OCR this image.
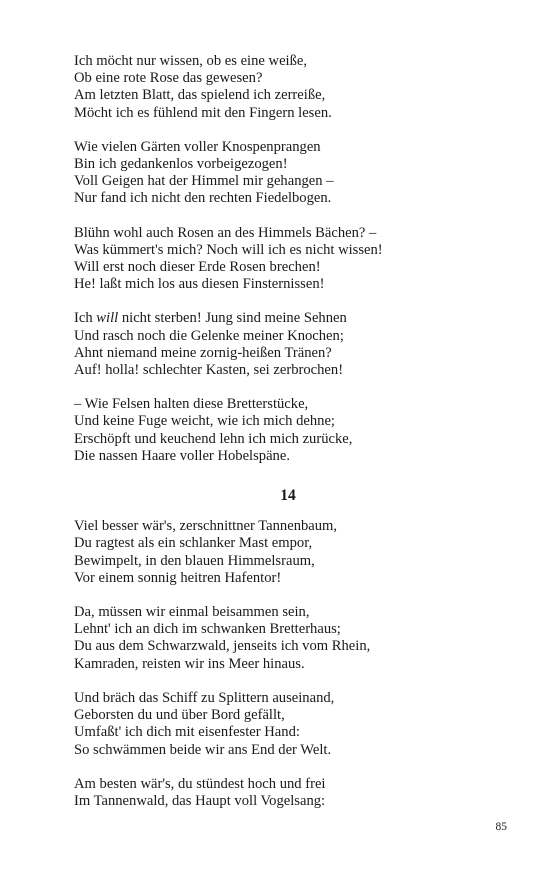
Ich möcht nur wissen, ob es eine weiße,
Ob eine rote Rose das gewesen?
Am letzten Blatt, das spielend ich zerreiße,
Möcht ich es fühlend mit den Fingern lesen.
Wie vielen Gärten voller Knospenprangen
Bin ich gedankenlos vorbeigezogen!
Voll Geigen hat der Himmel mir gehangen –
Nur fand ich nicht den rechten Fiedelbogen.
Blühn wohl auch Rosen an des Himmels Bächen? –
Was kümmert's mich? Noch will ich es nicht wissen!
Will erst noch dieser Erde Rosen brechen!
He! laßt mich los aus diesen Finsternissen!
Ich will nicht sterben! Jung sind meine Sehnen
Und rasch noch die Gelenke meiner Knochen;
Ahnt niemand meine zornig-heißen Tränen?
Auf! holla! schlechter Kasten, sei zerbrochen!
– Wie Felsen halten diese Bretterstücke,
Und keine Fuge weicht, wie ich mich dehne;
Erschöpft und keuchend lehn ich mich zurücke,
Die nassen Haare voller Hobelspäne.
14
Viel besser wär's, zerschnittner Tannenbaum,
Du ragtest als ein schlanker Mast empor,
Bewimpelt, in den blauen Himmelsraum,
Vor einem sonnig heitren Hafentor!
Da, müssen wir einmal beisammen sein,
Lehnt' ich an dich im schwanken Bretterhaus;
Du aus dem Schwarzwald, jenseits ich vom Rhein,
Kamraden, reisten wir ins Meer hinaus.
Und bräch das Schiff zu Splittern auseinand,
Geborsten du und über Bord gefällt,
Umfaßt' ich dich mit eisenfester Hand:
So schwämmen beide wir ans End der Welt.
Am besten wär's, du stündest hoch und frei
Im Tannenwald, das Haupt voll Vogelsang:
85
